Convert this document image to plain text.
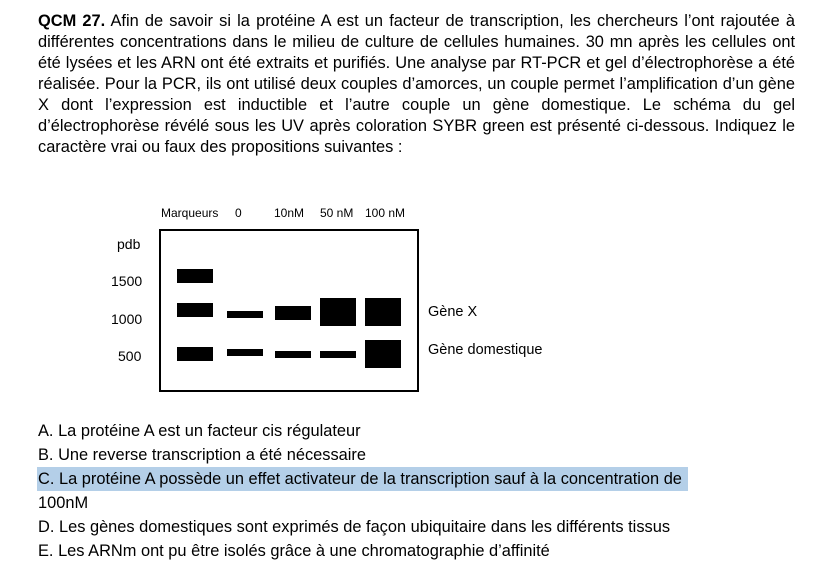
QCM 27. Afin de savoir si la protéine A est un facteur de transcription, les chercheurs l’ont rajoutée à différentes concentrations dans le milieu de culture de cellules humaines. 30 mn après les cellules ont été lysées et les ARN ont été extraits et purifiés. Une analyse par RT-PCR et gel d’électrophorèse a été réalisée. Pour la PCR, ils ont utilisé deux couples d’amorces, un couple permet l’amplification d’un gène X dont l’expression est inductible et l’autre couple un gène domestique. Le schéma du gel d’électrophorèse révélé sous les UV après coloration SYBR green est présenté ci-dessous. Indiquez le caractère vrai ou faux des propositions suivantes :

Marqueurs 0	10nM 50 nM 100 nM
pdb
1500
1000
500
Gène X
Gène domestique
A. La protéine A est un facteur cis régulateur
B. Une reverse transcription a été nécessaire
C. La protéine A possède un effet activateur de la transcription sauf à la concentration de
100nM
D. Les gènes domestiques sont exprimés de façon ubiquitaire dans les différents tissus
E. Les ARNm ont pu être isolés grâce à une chromatographie d’affinité
